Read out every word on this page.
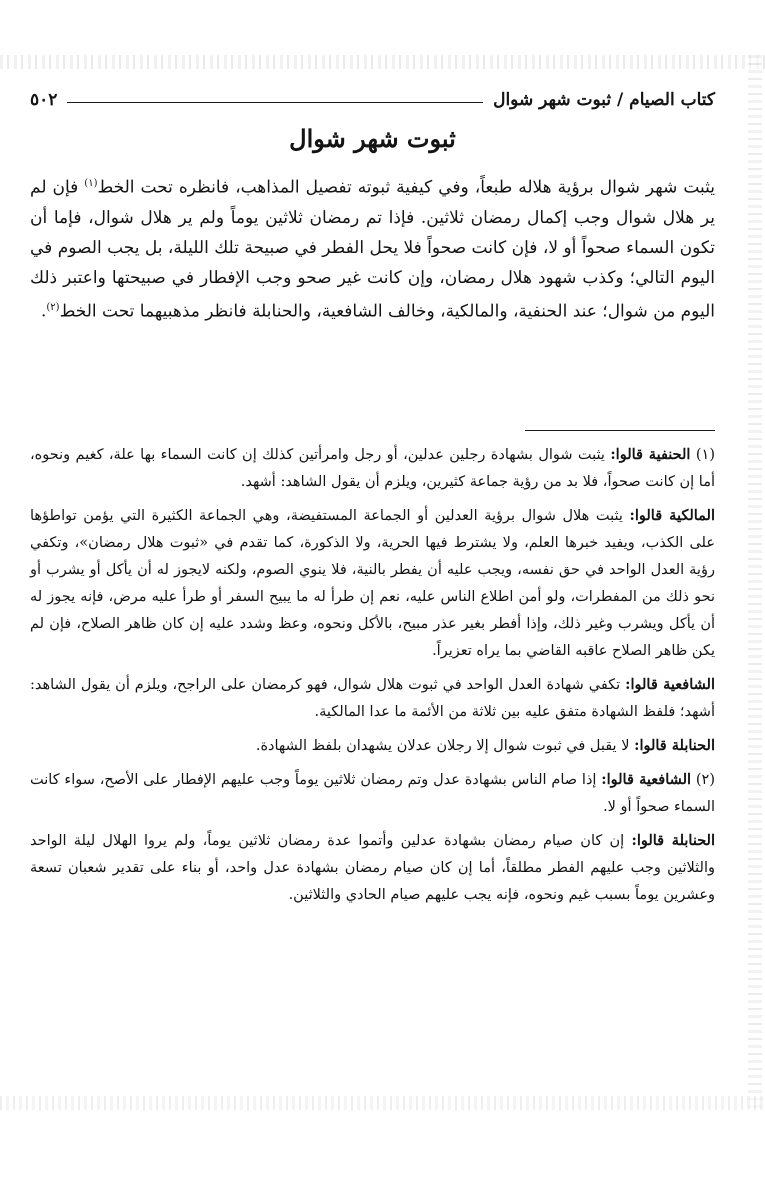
كتاب الصيام / ثبوت شهر شوال
٥٠٢
ثبوت شهر شوال

يثبت شهر شوال برؤية هلاله طبعاً، وفي كيفية ثبوته تفصيل المذاهب، فانظره تحت الخط$^{(١)}$ فإن لم ير هلال شوال وجب إكمال رمضان ثلاثين. فإذا تم رمضان ثلاثين يوماً ولم ير هلال شوال، فإما أن تكون السماء صحواً أو لا، فإن كانت صحواً فلا يحل الفطر في صبيحة تلك الليلة، بل يجب الصوم في اليوم التالي؛ وكذب شهود هلال رمضان، وإن كانت غير صحو وجب الإفطار في صبيحتها واعتبر ذلك اليوم من شوال؛ عند الحنفية، والمالكية، وخالف الشافعية، والحنابلة فانظر مذهبيهما تحت الخط$^{(٢)}$.

(١) الحنفية قالوا: يثبت شوال بشهادة رجلين عدلين، أو رجل وامرأتين كذلك إن كانت السماء بها علة، كغيم ونحوه، أما إن كانت صحواً، فلا بد من رؤية جماعة كثيرين، ويلزم أن يقول الشاهد: أشهد.

المالكية قالوا: يثبت هلال شوال برؤية العدلين أو الجماعة المستفيضة، وهي الجماعة الكثيرة التي يؤمن تواطؤها على الكذب، ويفيد خبرها العلم، ولا يشترط فيها الحرية، ولا الذكورة، كما تقدم في «ثبوت هلال رمضان»، وتكفي رؤية العدل الواحد في حق نفسه، ويجب عليه أن يفطر بالنية، فلا ينوي الصوم، ولكنه لايجوز له أن يأكل أو يشرب أو نحو ذلك من المفطرات، ولو أمن اطلاع الناس عليه، نعم إن طرأ له ما يبيح السفر أو طرأ عليه مرض، فإنه يجوز له أن يأكل ويشرب وغير ذلك، وإذا أفطر بغير عذر مبيح، بالأكل ونحوه، وعظ وشدد عليه إن كان ظاهر الصلاح، فإن لم يكن ظاهر الصلاح عاقبه القاضي بما يراه تعزيراً.

الشافعية قالوا: تكفي شهادة العدل الواحد في ثبوت هلال شوال، فهو كرمضان على الراجح، ويلزم أن يقول الشاهد: أشهد؛ فلفظ الشهادة متفق عليه بين ثلاثة من الأئمة ما عدا المالكية.

الحنابلة قالوا: لا يقبل في ثبوت شوال إلا رجلان عدلان يشهدان بلفظ الشهادة.

(٢) الشافعية قالوا: إذا صام الناس بشهادة عدل وتم رمضان ثلاثين يوماً وجب عليهم الإفطار على الأصح، سواء كانت السماء صحواً أو لا.

الحنابلة قالوا: إن كان صيام رمضان بشهادة عدلين وأتموا عدة رمضان ثلاثين يوماً، ولم يروا الهلال ليلة الواحد والثلاثين وجب عليهم الفطر مطلقاً، أما إن كان صيام رمضان بشهادة عدل واحد، أو بناء على تقدير شعبان تسعة وعشرين يوماً بسبب غيم ونحوه، فإنه يجب عليهم صيام الحادي والثلاثين.
